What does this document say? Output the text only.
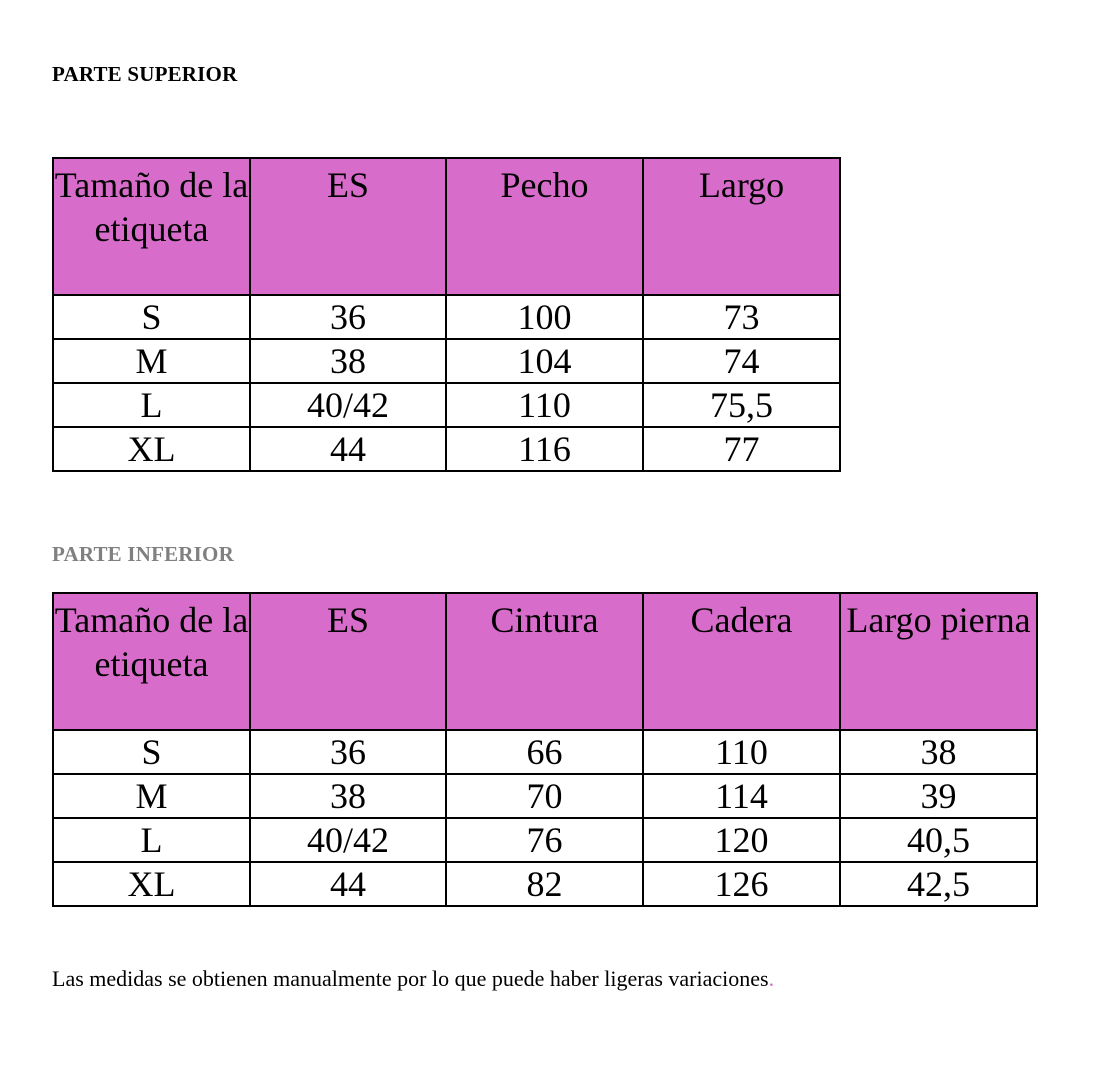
PARTE SUPERIOR
Tamaño de la etiqueta	ES	Pecho	Largo
S	36	100	73
M	38	104	74
L	40/42	110	75,5
XL	44	116	77
PARTE INFERIOR
Tamaño de la etiqueta	ES	Cintura	Cadera	Largo pierna
S	36	66	110	38
M	38	70	114	39
L	40/42	76	120	40,5
XL	44	82	126	42,5
Las medidas se obtienen manualmente por lo que puede haber ligeras variaciones.
